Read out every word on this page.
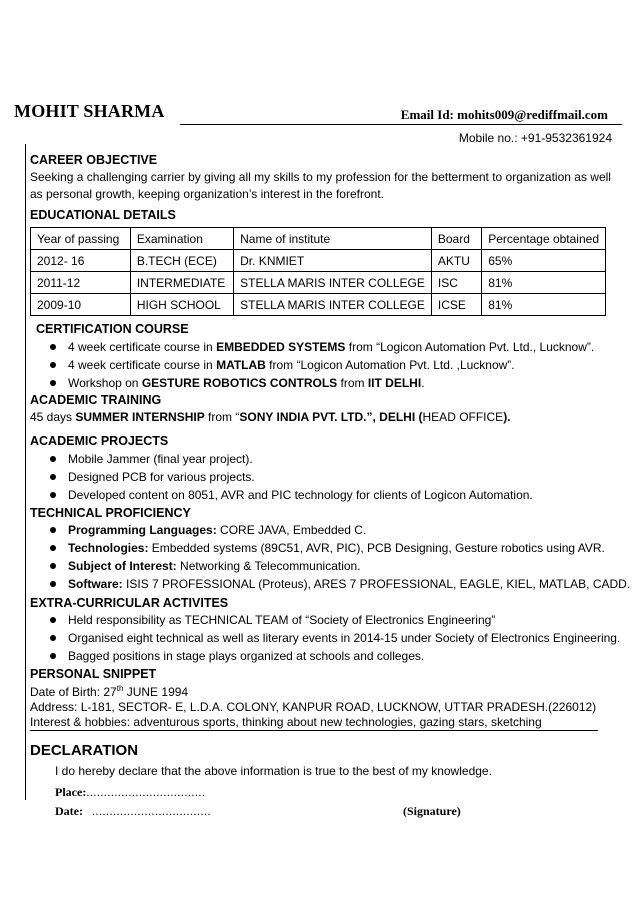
MOHIT SHARMA	Email Id: mohits009@rediffmail.com
Mobile no.: +91-9532361924
CAREER OBJECTIVE
Seeking a challenging carrier by giving all my skills to my profession for the betterment to organization as well as personal growth, keeping organization’s interest in the forefront.
EDUCATIONAL DETAILS
Year of passing	Examination	Name of institute	Board	Percentage obtained
2012- 16	B.TECH (ECE)	Dr. KNMIET	AKTU	65%
2011-12	INTERMEDIATE	STELLA MARIS INTER COLLEGE	ISC	81%
2009-10	HIGH SCHOOL	STELLA MARIS INTER COLLEGE	ICSE	81%
CERTIFICATION COURSE
4 week certificate course in EMBEDDED SYSTEMS from “Logicon Automation Pvt. Ltd., Lucknow”.
4 week certificate course in MATLAB from “Logicon Automation Pvt. Ltd. ,Lucknow”.
Workshop on GESTURE ROBOTICS CONTROLS from IIT DELHI.
ACADEMIC TRAINING
45 days SUMMER INTERNSHIP from “SONY INDIA PVT. LTD.”, DELHI (HEAD OFFICE).
ACADEMIC PROJECTS
Mobile Jammer (final year project).
Designed PCB for various projects.
Developed content on 8051, AVR and PIC technology for clients of Logicon Automation.
TECHNICAL PROFICIENCY
Programming Languages: CORE JAVA, Embedded C.
Technologies: Embedded systems (89C51, AVR, PIC), PCB Designing, Gesture robotics using AVR.
Subject of Interest: Networking & Telecommunication.
Software: ISIS 7 PROFESSIONAL (Proteus), ARES 7 PROFESSIONAL, EAGLE, KIEL, MATLAB, CADD.
EXTRA-CURRICULAR ACTIVITES
Held responsibility as TECHNICAL TEAM of “Society of Electronics Engineering”
Organised eight technical as well as literary events in 2014-15 under Society of Electronics Engineering.
Bagged positions in stage plays organized at schools and colleges.
PERSONAL SNIPPET
Date of Birth: 27th JUNE 1994
Address: L-181, SECTOR- E, L.D.A. COLONY, KANPUR ROAD, LUCKNOW, UTTAR PRADESH.(226012)
Interest & hobbies: adventurous sports, thinking about new technologies, gazing stars, sketching
DECLARATION
I do hereby declare that the above information is true to the best of my knowledge.
Place:..................................
Date: ..................................	(Signature)
